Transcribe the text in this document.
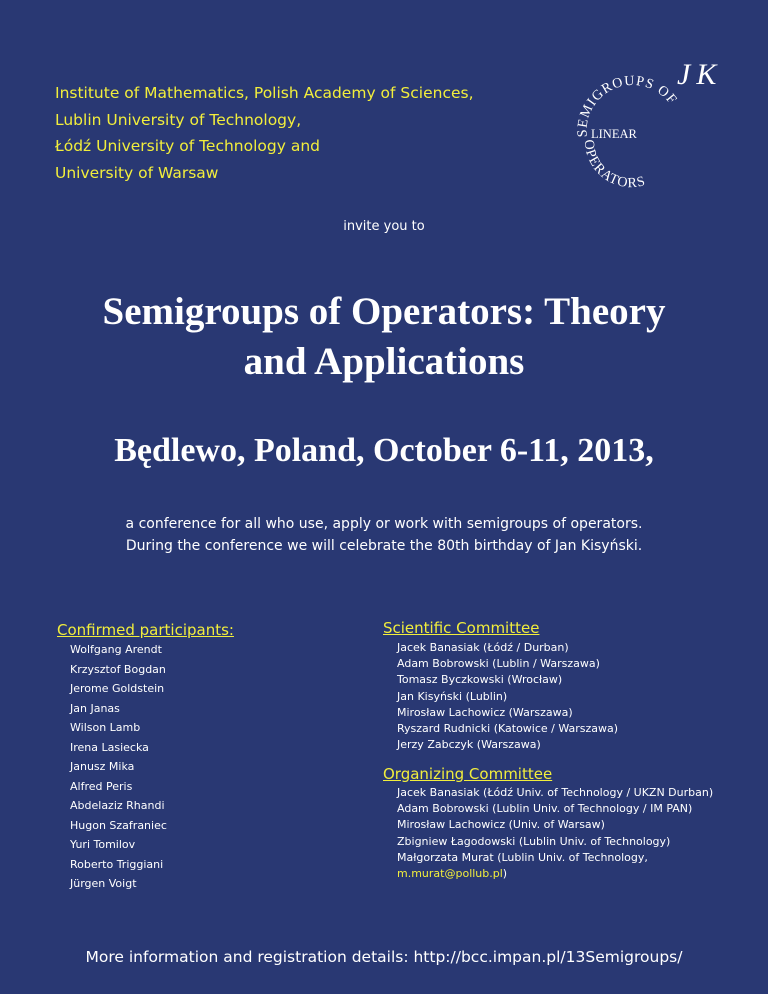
Institute of Mathematics, Polish Academy of Sciences,
Lublin University of Technology,
Łódź University of Technology and
University of Warsaw
JK
SEMIGROUPS OF
LINEAR
OPERATORS
invite you to
Semigroups of Operators: Theory
and Applications
Będlewo, Poland, October 6-11, 2013,
a conference for all who use, apply or work with semigroups of operators.
During the conference we will celebrate the 80th birthday of Jan Kisyński.
Confirmed participants:
Wolfgang Arendt
Krzysztof Bogdan
Jerome Goldstein
Jan Janas
Wilson Lamb
Irena Lasiecka
Janusz Mika
Alfred Peris
Abdelaziz Rhandi
Hugon Szafraniec
Yuri Tomilov
Roberto Triggiani
Jürgen Voigt
Scientific Committee
Jacek Banasiak (Łódź / Durban)
Adam Bobrowski (Lublin / Warszawa)
Tomasz Byczkowski (Wrocław)
Jan Kisyński (Lublin)
Mirosław Lachowicz (Warszawa)
Ryszard Rudnicki (Katowice / Warszawa)
Jerzy Zabczyk (Warszawa)
Organizing Committee
Jacek Banasiak (Łódź Univ. of Technology / UKZN Durban)
Adam Bobrowski (Lublin Univ. of Technology / IM PAN)
Mirosław Lachowicz (Univ. of Warsaw)
Zbigniew Łagodowski (Lublin Univ. of Technology)
Małgorzata Murat (Lublin Univ. of Technology,
m.murat@pollub.pl)
More information and registration details: http://bcc.impan.pl/13Semigroups/
